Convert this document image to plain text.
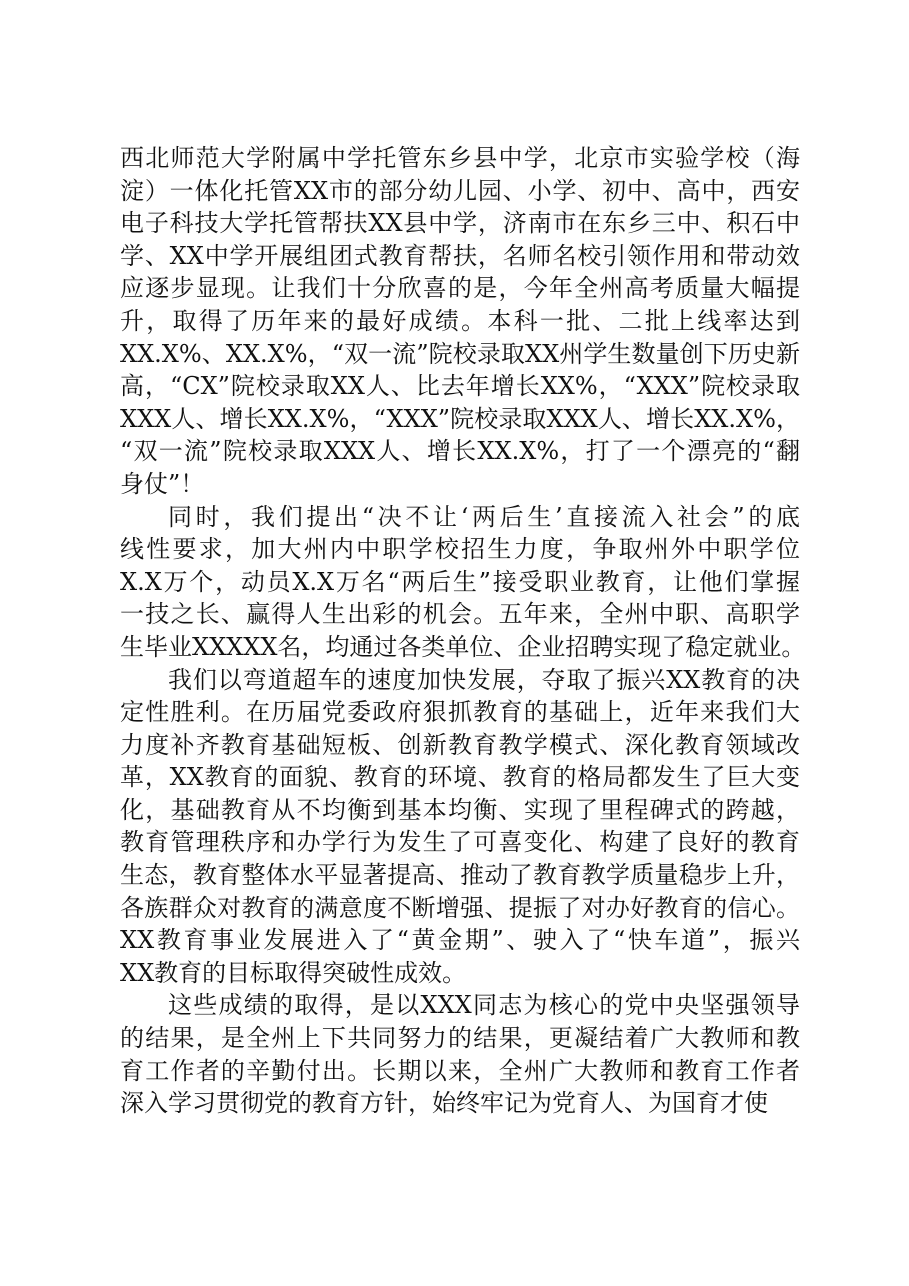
西北师范大学附属中学托管东乡县中学，北京市实验学校（海
淀）一体化托管XX市的部分幼儿园、小学、初中、高中，西安
电子科技大学托管帮扶XX县中学，济南市在东乡三中、积石中
学、XX中学开展组团式教育帮扶，名师名校引领作用和带动效
应逐步显现。让我们十分欣喜的是，今年全州高考质量大幅提
升，取得了历年来的最好成绩。本科一批、二批上线率达到
XX.X%、XX.X%，“双一流”院校录取XX州学生数量创下历史新
高，“CX”院校录取XX人、比去年增长XX%，“XXX”院校录取
XXX人、增长XX.X%，“XXX”院校录取XXX人、增长XX.X%，
“双一流”院校录取XXX人、增长XX.X%，打了一个漂亮的“翻
身仗”！
同时，我们提出“决不让‘两后生’直接流入社会”的底
线性要求，加大州内中职学校招生力度，争取州外中职学位
X.X万个，动员X.X万名“两后生”接受职业教育，让他们掌握
一技之长、赢得人生出彩的机会。五年来，全州中职、高职学
生毕业XXXXX名，均通过各类单位、企业招聘实现了稳定就业。
我们以弯道超车的速度加快发展，夺取了振兴XX教育的决
定性胜利。在历届党委政府狠抓教育的基础上，近年来我们大
力度补齐教育基础短板、创新教育教学模式、深化教育领域改
革，XX教育的面貌、教育的环境、教育的格局都发生了巨大变
化，基础教育从不均衡到基本均衡、实现了里程碑式的跨越，
教育管理秩序和办学行为发生了可喜变化、构建了良好的教育
生态，教育整体水平显著提高、推动了教育教学质量稳步上升，
各族群众对教育的满意度不断增强、提振了对办好教育的信心。
XX教育事业发展进入了“黄金期”、驶入了“快车道”，振兴
XX教育的目标取得突破性成效。
这些成绩的取得，是以XXX同志为核心的党中央坚强领导
的结果，是全州上下共同努力的结果，更凝结着广大教师和教
育工作者的辛勤付出。长期以来，全州广大教师和教育工作者
深入学习贯彻党的教育方针，始终牢记为党育人、为国育才使
